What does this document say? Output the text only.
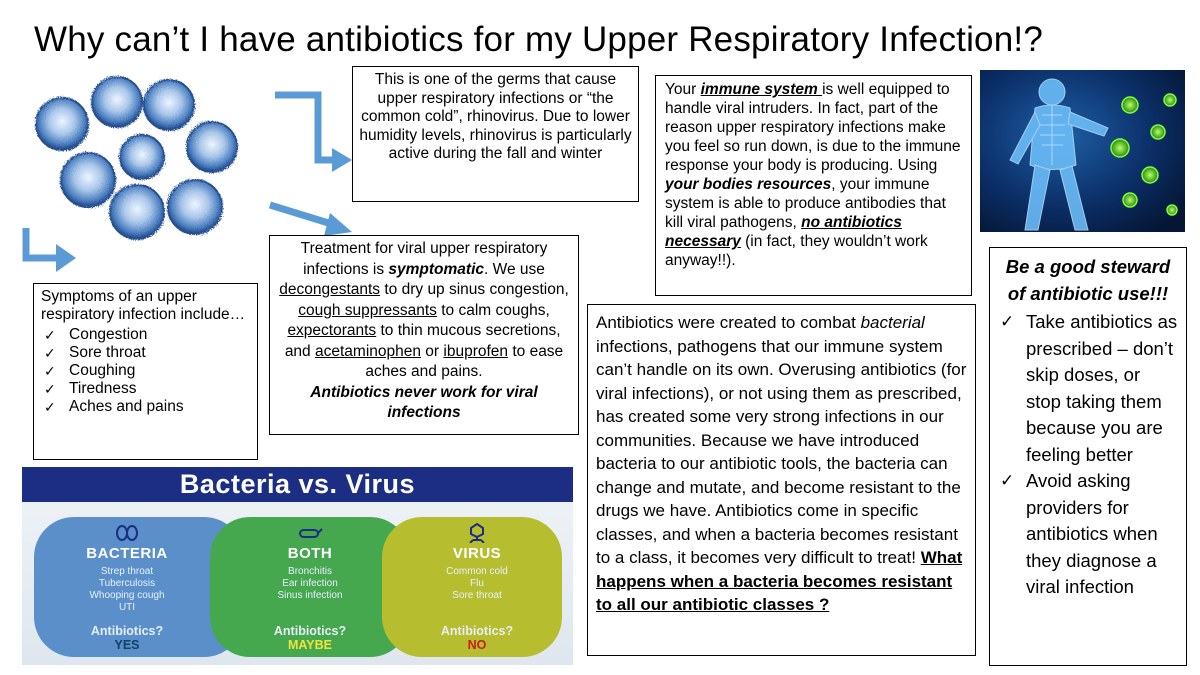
Why can’t I have antibiotics for my Upper Respiratory Infection!?
This is one of the germs that cause upper respiratory infections or “the common cold”, rhinovirus. Due to lower humidity levels, rhinovirus is particularly active during the fall and winter
Your immune system is well equipped to handle viral intruders. In fact, part of the reason upper respiratory infections make you feel so run down, is due to the immune response your body is producing. Using your bodies resources, your immune system is able to produce antibodies that kill viral pathogens, no antibiotics necessary (in fact, they wouldn’t work anyway!!).
Treatment for viral upper respiratory infections is symptomatic. We use decongestants to dry up sinus congestion, cough suppressants to calm coughs, expectorants to thin mucous secretions, and acetaminophen or ibuprofen to ease aches and pains.
Antibiotics never work for viral infections
Symptoms of an upper respiratory infection include…
✓ Congestion
✓ Sore throat
✓ Coughing
✓ Tiredness
✓ Aches and pains
Antibiotics were created to combat bacterial infections, pathogens that our immune system can’t handle on its own. Overusing antibiotics (for viral infections), or not using them as prescribed, has created some very strong infections in our communities. Because we have introduced bacteria to our antibiotic tools, the bacteria can change and mutate, and become resistant to the drugs we have. Antibiotics come in specific classes, and when a bacteria becomes resistant to a class, it becomes very difficult to treat! What happens when a bacteria becomes resistant to all our antibiotic classes ?
Be a good steward of antibiotic use!!!
✓ Take antibiotics as prescribed – don’t skip doses, or stop taking them because you are feeling better
✓ Avoid asking providers for antibiotics when they diagnose a viral infection
Bacteria vs. Virus
BACTERIA
Strep throat
Tuberculosis
Whooping cough
UTI
Antibiotics?
YES
BOTH
Bronchitis
Ear infection
Sinus infection
Antibiotics?
MAYBE
VIRUS
Common cold
Flu
Sore throat
Antibiotics?
NO
